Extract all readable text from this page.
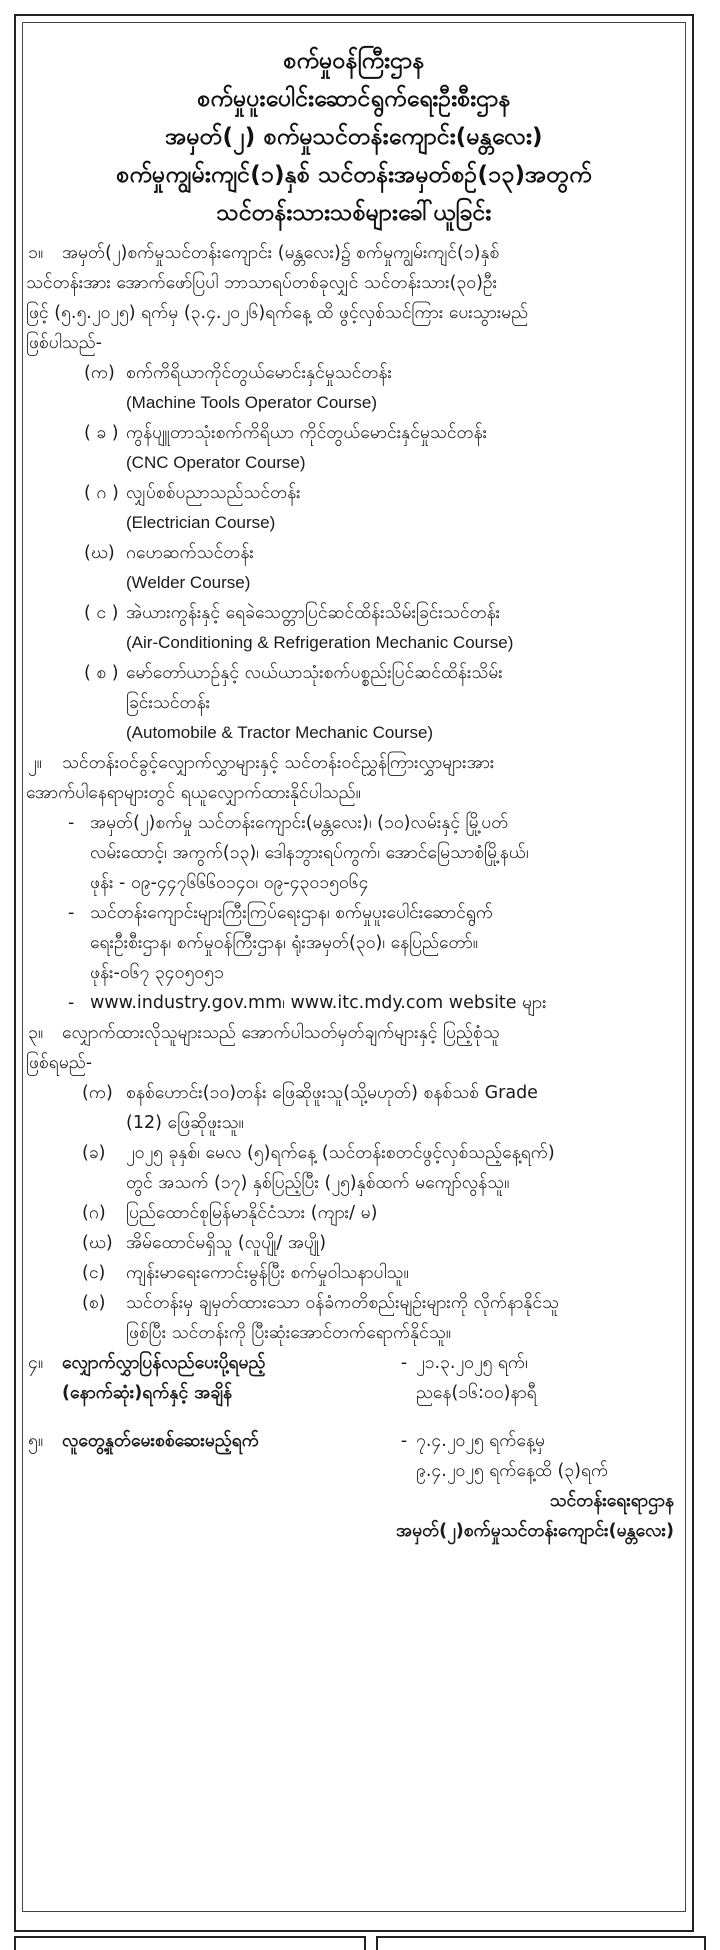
စက်မှုဝန်ကြီးဌာန
စက်မှုပူးပေါင်းဆောင်ရွက်ရေးဦးစီးဌာန
အမှတ်(၂) စက်မှုသင်တန်းကျောင်း(မန္တလေး)
စက်မှုကျွမ်းကျင်(၁)နှစ် သင်တန်းအမှတ်စဉ်(၁၃)အတွက်
သင်တန်းသားသစ်များခေါ်ယူခြင်း
၁။ အမှတ်(၂)စက်မှုသင်တန်းကျောင်း (မန္တလေး)၌ စက်မှုကျွမ်းကျင်(၁)နှစ်
သင်တန်းအား အောက်ဖော်ပြပါ ဘာသာရပ်တစ်ခုလျှင် သင်တန်းသား(၃၀)ဦး
ဖြင့် (၅.၅.၂၀၂၅) ရက်မှ (၃.၄.၂၀၂၆)ရက်နေ့ ထိ ဖွင့်လှစ်သင်ကြား ပေးသွားမည်
ဖြစ်ပါသည်-
(က) စက်ကိရိယာကိုင်တွယ်မောင်းနှင်မှုသင်တန်း
(Machine Tools Operator Course)
( ခ ) ကွန်ပျူတာသုံးစက်ကိရိယာ ကိုင်တွယ်မောင်းနှင်မှုသင်တန်း
(CNC Operator Course)
( ဂ ) လျှပ်စစ်ပညာသည်သင်တန်း
(Electrician Course)
(ဃ) ဂဟေဆက်သင်တန်း
(Welder Course)
( င ) အဲယားကွန်းနှင့် ရေခဲသေတ္တာပြင်ဆင်ထိန်းသိမ်းခြင်းသင်တန်း
(Air-Conditioning & Refrigeration Mechanic Course)
( စ ) မော်တော်ယာဉ်နှင့် လယ်ယာသုံးစက်ပစ္စည်းပြင်ဆင်ထိန်းသိမ်း
ခြင်းသင်တန်း
(Automobile & Tractor Mechanic Course)
၂။ သင်တန်းဝင်ခွင့်လျှောက်လွှာများနှင့် သင်တန်းဝင်ညွှန်ကြားလွှာများအား
အောက်ပါနေရာများတွင် ရယူလျှောက်ထားနိုင်ပါသည်။
- အမှတ်(၂)စက်မှု သင်တန်းကျောင်း(မန္တလေး)၊ (၁၀)လမ်းနှင့် မြို့ပတ်
လမ်းထောင့်၊ အကွက်(၁၃)၊ ဒေါနဘွားရပ်ကွက်၊ အောင်မြေသာစံမြို့နယ်၊
ဖုန်း - ၀၉-၄၄၇၆၆၆၀၁၄၀၊ ၀၉-၄၃၀၁၅၀၆၄
- သင်တန်းကျောင်းများကြီးကြပ်ရေးဌာန၊ စက်မှုပူးပေါင်းဆောင်ရွက်
ရေးဦးစီးဌာန၊ စက်မှုဝန်ကြီးဌာန၊ ရုံးအမှတ်(၃၀)၊ နေပြည်တော်။
ဖုန်း-၀၆၇ ၃၄၀၅၀၅၁
- www.industry.gov.mm၊ www.itc.mdy.com website များ
၃။ လျှောက်ထားလိုသူများသည် အောက်ပါသတ်မှတ်ချက်များနှင့် ပြည့်စုံသူ
ဖြစ်ရမည်-
(က) စနစ်ဟောင်း(၁၀)တန်း ဖြေဆိုဖူးသူ(သို့မဟုတ်) စနစ်သစ် Grade
(12) ဖြေဆိုဖူးသူ။
(ခ) ၂၀၂၅ ခုနှစ်၊ မေလ (၅)ရက်နေ့ (သင်တန်းစတင်ဖွင့်လှစ်သည့်နေ့ရက်)
တွင် အသက် (၁၇) နှစ်ပြည့်ပြီး (၂၅)နှစ်ထက် မကျော်လွန်သူ။
(ဂ) ပြည်ထောင်စုမြန်မာနိုင်ငံသား (ကျား/ မ)
(ဃ) အိမ်ထောင်မရှိသူ (လူပျို/ အပျို)
(င) ကျန်းမာရေးကောင်းမွန်ပြီး စက်မှုဝါသနာပါသူ။
(စ) သင်တန်းမှ ချမှတ်ထားသော ဝန်ခံကတိစည်းမျဉ်းများကို လိုက်နာနိုင်သူ
ဖြစ်ပြီး သင်တန်းကို ပြီးဆုံးအောင်တက်ရောက်နိုင်သူ။
၄။ လျှောက်လွှာပြန်လည်ပေးပို့ရမည့်	- ၂၁.၃.၂၀၂၅ ရက်၊
(နောက်ဆုံး)ရက်နှင့် အချိန်	ညနေ(၁၆:၀၀)နာရီ
၅။ လူတွေ့နှုတ်မေးစစ်ဆေးမည့်ရက်	- ၇.၄.၂၀၂၅ ရက်နေ့မှ
၉.၄.၂၀၂၅ ရက်နေ့ထိ (၃)ရက်
သင်တန်းရေးရာဌာန
အမှတ်(၂)စက်မှုသင်တန်းကျောင်း(မန္တလေး)
